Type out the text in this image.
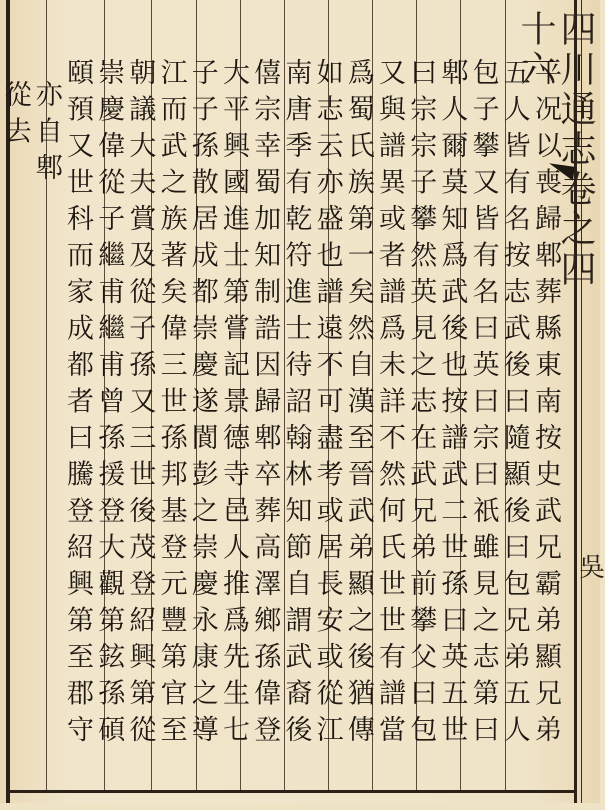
四川通志卷之四十六
吳
平况以喪歸郫葬縣東南按史武兄霸弟顯兄弟
五人皆有名按志武後曰隨顯後曰包兄弟五人
包子攀又皆有名曰英曰宗曰祇雖見之志第曰
郫人爾莫知爲武後也按譜武二世孫曰英五世
曰宗宗子攀然英見之志在武兄弟前攀父曰包
又與譜異或者譜爲未詳不然何氏世世有譜當
爲蜀氏族第一矣然自漢至晉武弟顯之後猶傳
如志云亦盛也譜遠不可盡考或居長安或從江
南唐季有乾符進士待詔翰林知節自謂武裔後
僖宗幸蜀加知制誥因歸郫卒葬高澤鄉孫偉登
大平興國進士第嘗記景德寺邑人推爲先生七
子子孫散居成都崇慶遂閬彭之崇慶永康之導
江而武之族著矣偉三世孫邦基登元豐第官至
朝議大夫賞及從子孫又三世後茂登紹興第從
崇慶偉從子繼甫繼甫曾孫援登大觀第鉉孫碩
頤預又世科而家成都者曰騰登紹興第至郡守
亦自郫
從去
